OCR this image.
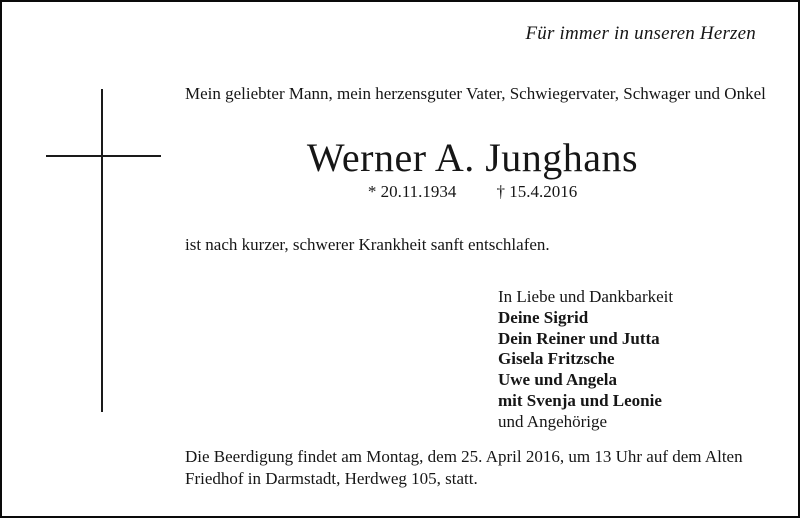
Für immer in unseren Herzen
Mein geliebter Mann, mein herzensguter Vater, Schwiegervater, Schwager und Onkel
Werner A. Junghans
* 20.11.1934 † 15.4.2016
ist nach kurzer, schwerer Krankheit sanft entschlafen.
In Liebe und Dankbarkeit
Deine Sigrid
Dein Reiner und Jutta
Gisela Fritzsche
Uwe und Angela
mit Svenja und Leonie
und Angehörige
Die Beerdigung findet am Montag, dem 25. April 2016, um 13 Uhr auf dem Alten
Friedhof in Darmstadt, Herdweg 105, statt.
